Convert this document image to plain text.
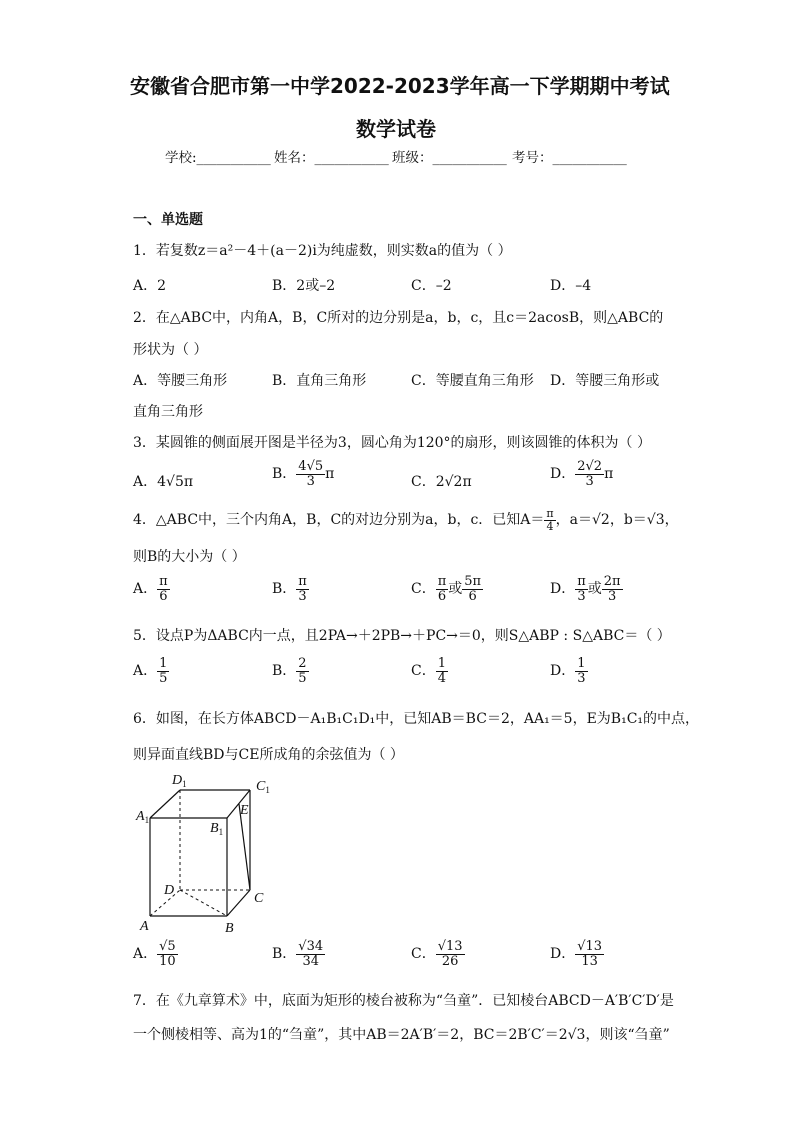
安徽省合肥市第一中学2022-2023学年高一下学期期中考试
数学试卷
学校:___________ 姓名：___________ 班级：___________ 考号：___________
一、单选题
1．若复数z＝a²－4＋(a－2)i为纯虚数，则实数a的值为（ ）
A．2	B．2或–2	C．–2	D．–4
2．在△ABC中，内角A，B，C所对的边分别是a，b，c，且c＝2acosB，则△ABC的
形状为（ ）
A．等腰三角形	B．直角三角形	C．等腰直角三角形 D．等腰三角形或
直角三角形
3．某圆锥的侧面展开图是半径为3，圆心角为120°的扇形，则该圆锥的体积为（ ）
A．4√5π	B． $\frac{4√5}{3}$ π	C．2√2π	D． $\frac{2√2}{3}$ π
4．△ABC中，三个内角A，B，C的对边分别为a，b，c．已知$A= \frac{\pi}{4}$ ，a＝√2，b＝√3，
则B的大小为（ ）
A． $\frac{\pi}{6}$	B． $\frac{\pi}{3}$	C． $\frac{\pi}{6}$ 或 $\frac{5\pi}{6}$	D． $\frac{\pi}{3}$ 或 $\frac{2\pi}{3}$
5．设点P为ΔABC内一点，且2PA→＋2PB→＋PC→＝0，则S△ABP : S△ABC＝（ ）
A． $\frac{1}{5}$	B． $\frac{2}{5}$	C． $\frac{1}{4}$	D． $\frac{1}{3}$
6．如图，在长方体ABCD－A₁B₁C₁D₁中，已知AB＝BC＝2，AA₁＝5，E为B₁C₁的中点，
则异面直线BD与CE所成角的余弦值为（ ）
$D_1$	$C_1$
$A_1$
$B_1$
E
D
C
A	B
A． $\frac{√5}{10}$	B． $\frac{√34}{34}$	C． $\frac{√13}{26}$	D． $\frac{√13}{13}$
7．在《九章算术》中，底面为矩形的棱台被称为“刍童”．已知棱台ABCD－A′B′C′D′是
一个侧棱相等、高为1的“刍童”，其中AB＝2A′B′＝2，BC＝2B′C′＝2√3，则该“刍童”
